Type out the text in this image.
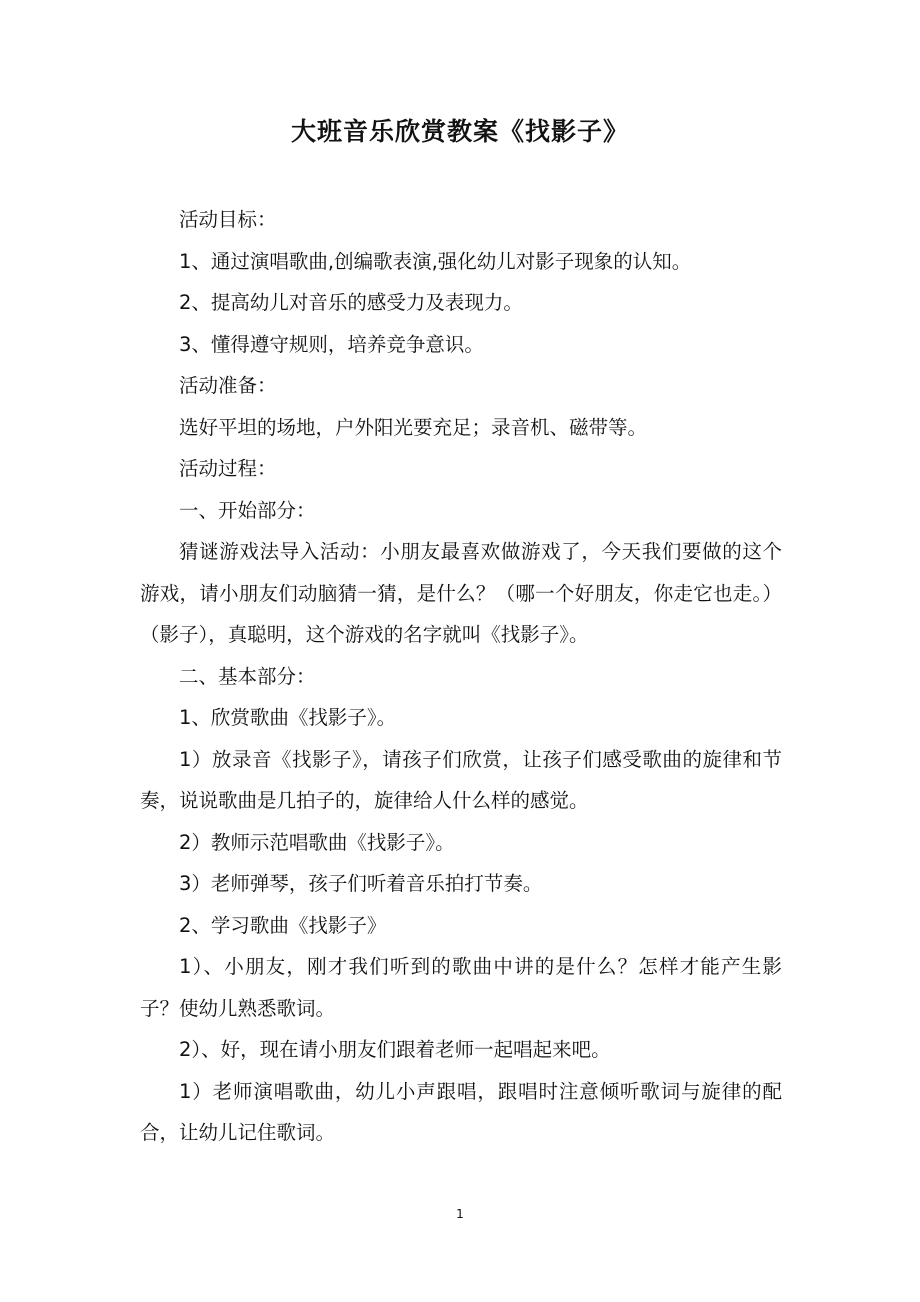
大班音乐欣赏教案《找影子》

活动目标：

1、通过演唱歌曲,创编歌表演,强化幼儿对影子现象的认知。

2、提高幼儿对音乐的感受力及表现力。

3、懂得遵守规则，培养竞争意识。

活动准备：

选好平坦的场地，户外阳光要充足；录音机、磁带等。

活动过程：

一、开始部分：

猜谜游戏法导入活动：小朋友最喜欢做游戏了，今天我们要做的这个游戏，请小朋友们动脑猜一猜，是什么？（哪一个好朋友，你走它也走。）（影子），真聪明，这个游戏的名字就叫《找影子》。

二、基本部分：

1、欣赏歌曲《找影子》。

1）放录音《找影子》，请孩子们欣赏，让孩子们感受歌曲的旋律和节奏，说说歌曲是几拍子的，旋律给人什么样的感觉。

2）教师示范唱歌曲《找影子》。

3）老师弹琴，孩子们听着音乐拍打节奏。

2、学习歌曲《找影子》

1）、小朋友，刚才我们听到的歌曲中讲的是什么？怎样才能产生影子？使幼儿熟悉歌词。

2）、好，现在请小朋友们跟着老师一起唱起来吧。

1）老师演唱歌曲，幼儿小声跟唱，跟唱时注意倾听歌词与旋律的配合，让幼儿记住歌词。

1
